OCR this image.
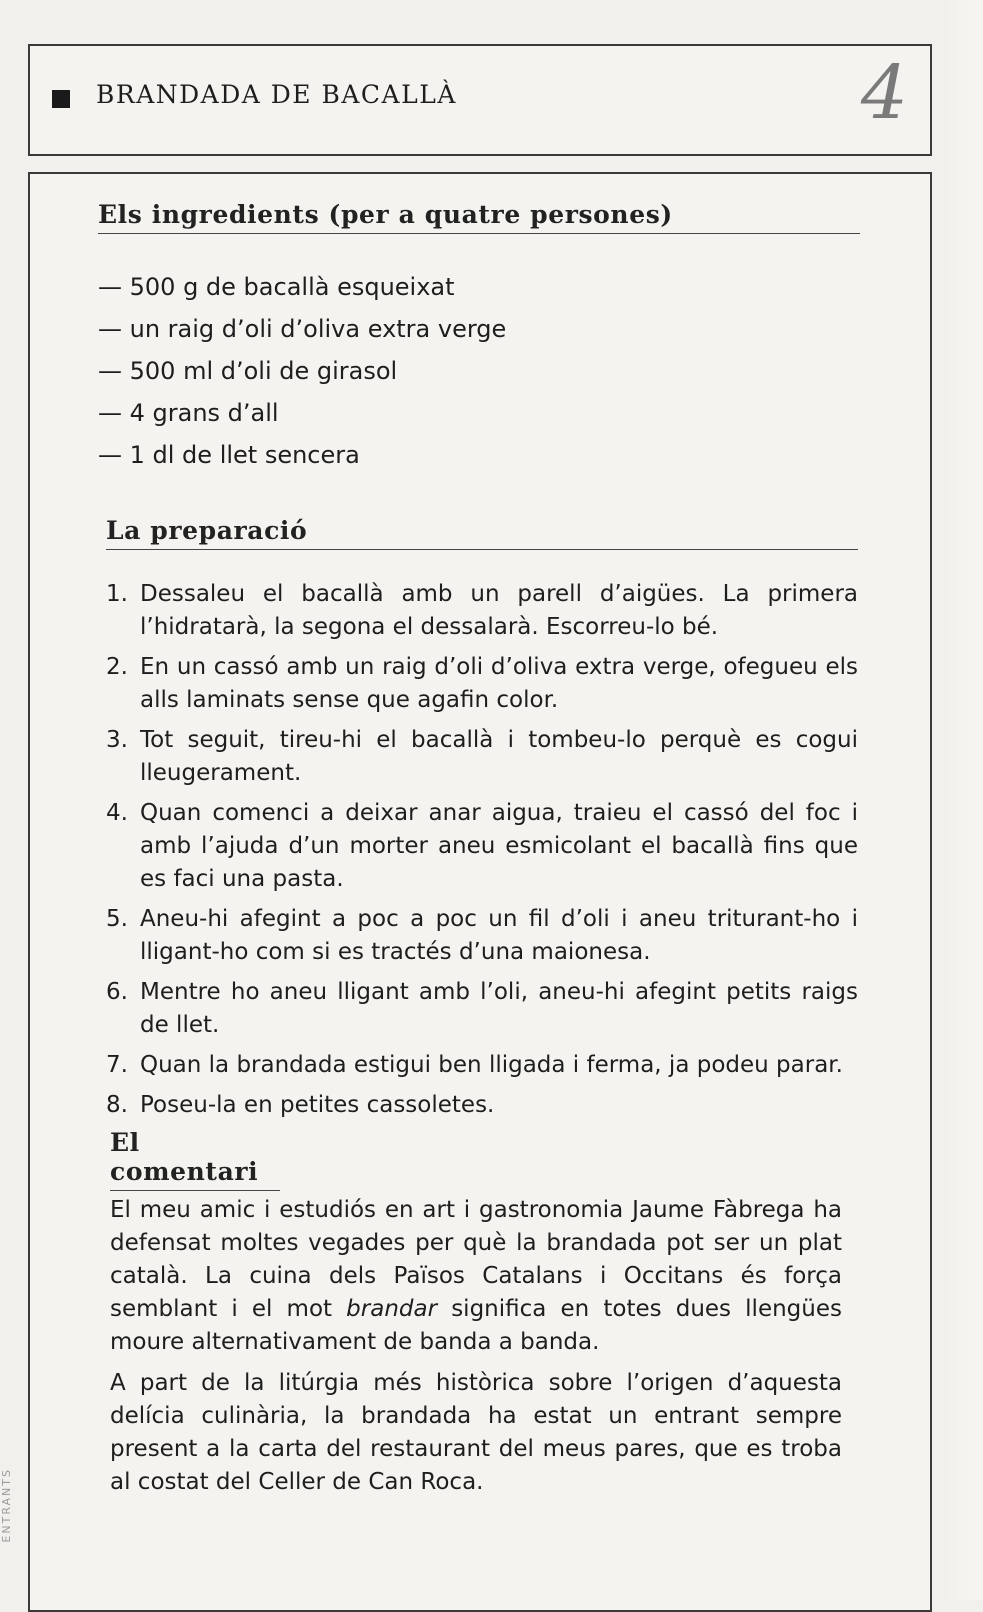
BRANDADA DE BACALLÀ	4
Els ingredients (per a quatre persones)
— 500 g de bacallà esqueixat
— un raig d’oli d’oliva extra verge
— 500 ml d’oli de girasol
— 4 grans d’all
— 1 dl de llet sencera
La preparació
1. Dessaleu el bacallà amb un parell d’aigües. La primera l’hidratarà, la segona el dessalarà. Escorreu-lo bé.
2. En un cassó amb un raig d’oli d’oliva extra verge, ofegueu els alls laminats sense que agafin color.
3. Tot seguit, tireu-hi el bacallà i tombeu-lo perquè es cogui lleugerament.
4. Quan comenci a deixar anar aigua, traieu el cassó del foc i amb l’ajuda d’un morter aneu esmicolant el bacallà fins que es faci una pasta.
5. Aneu-hi afegint a poc a poc un fil d’oli i aneu triturant-ho i lligant-ho com si es tractés d’una maionesa.
6. Mentre ho aneu lligant amb l’oli, aneu-hi afegint petits raigs de llet.
7. Quan la brandada estigui ben lligada i ferma, ja podeu parar.
8. Poseu-la en petites cassoletes.
El comentari

El meu amic i estudiós en art i gastronomia Jaume Fàbrega ha defensat moltes vegades per què la brandada pot ser un plat català. La cuina dels Països Catalans i Occitans és força semblant i el mot brandar significa en totes dues llengües moure alternativament de banda a banda.

A part de la litúrgia més històrica sobre l’origen d’aquesta delícia culinària, la brandada ha estat un entrant sempre present a la carta del restaurant del meus pares, que es troba al costat del Celler de Can Roca.

ENTRANTS
